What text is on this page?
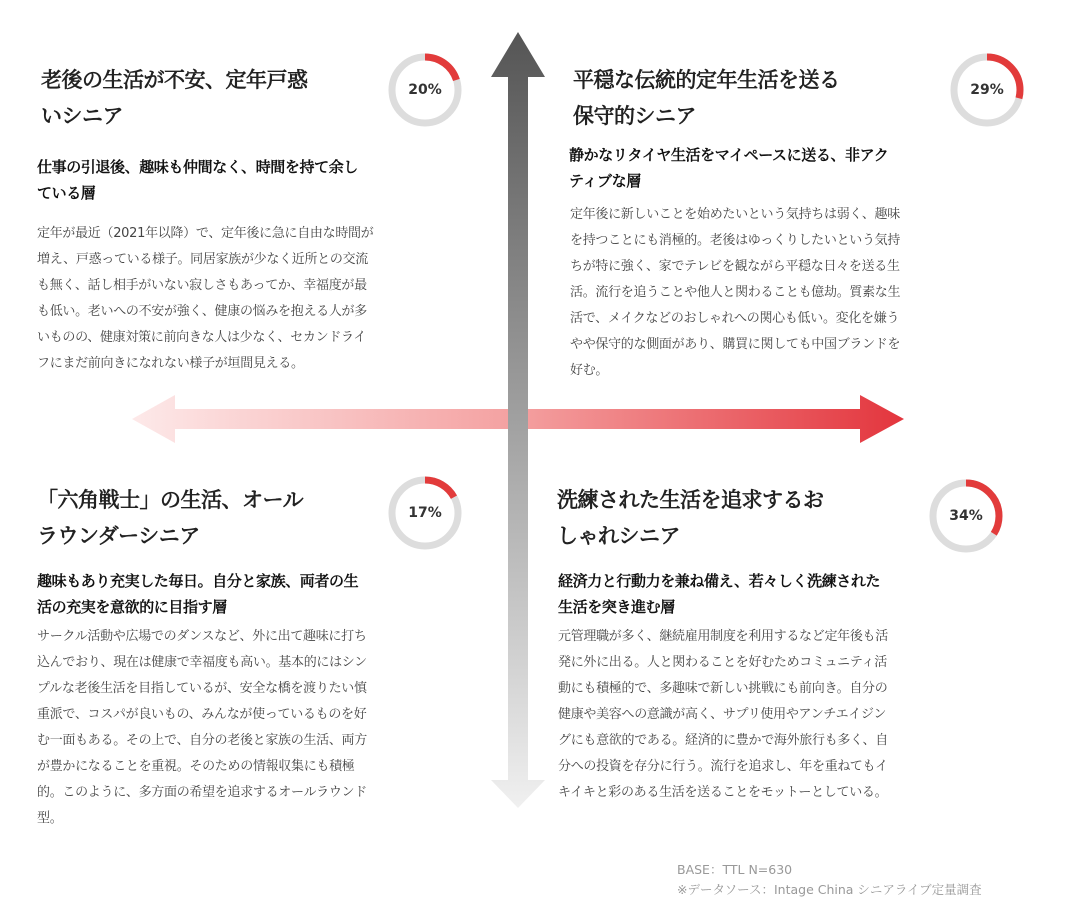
老後の生活が不安、定年戸惑
いシニア
20%
仕事の引退後、趣味も仲間なく、時間を持て余し
ている層
定年が最近（2021年以降）で、定年後に急に自由な時間が
増え、戸惑っている様子。同居家族が少なく近所との交流
も無く、話し相手がいない寂しさもあってか、幸福度が最
も低い。老いへの不安が強く、健康の悩みを抱える人が多
いものの、健康対策に前向きな人は少なく、セカンドライ
フにまだ前向きになれない様子が垣間見える。
平穏な伝統的定年生活を送る
保守的シニア
29%
静かなリタイヤ生活をマイペースに送る、非アク
ティブな層
定年後に新しいことを始めたいという気持ちは弱く、趣味
を持つことにも消極的。老後はゆっくりしたいという気持
ちが特に強く、家でテレビを観ながら平穏な日々を送る生
活。流行を追うことや他人と関わることも億劫。質素な生
活で、メイクなどのおしゃれへの関心も低い。変化を嫌う
やや保守的な側面があり、購買に関しても中国ブランドを
好む。
「六角戦士」の生活、オール
ラウンダーシニア
17%
趣味もあり充実した毎日。自分と家族、両者の生
活の充実を意欲的に目指す層
サークル活動や広場でのダンスなど、外に出て趣味に打ち
込んでおり、現在は健康で幸福度も高い。基本的にはシン
プルな老後生活を目指しているが、安全な橋を渡りたい慎
重派で、コスパが良いもの、みんなが使っているものを好
む一面もある。その上で、自分の老後と家族の生活、両方
が豊かになることを重視。そのための情報収集にも積極
的。このように、多方面の希望を追求するオールラウンド
型。
洗練された生活を追求するお
しゃれシニア
34%
経済力と行動力を兼ね備え、若々しく洗練された
生活を突き進む層
元管理職が多く、継続雇用制度を利用するなど定年後も活
発に外に出る。人と関わることを好むためコミュニティ活
動にも積極的で、多趣味で新しい挑戦にも前向き。自分の
健康や美容への意識が高く、サプリ使用やアンチエイジン
グにも意欲的である。経済的に豊かで海外旅行も多く、自
分への投資を存分に行う。流行を追求し、年を重ねてもイ
キイキと彩のある生活を送ることをモットーとしている。
BASE：TTL N=630
※データソース：Intage China シニアライブ定量調査
